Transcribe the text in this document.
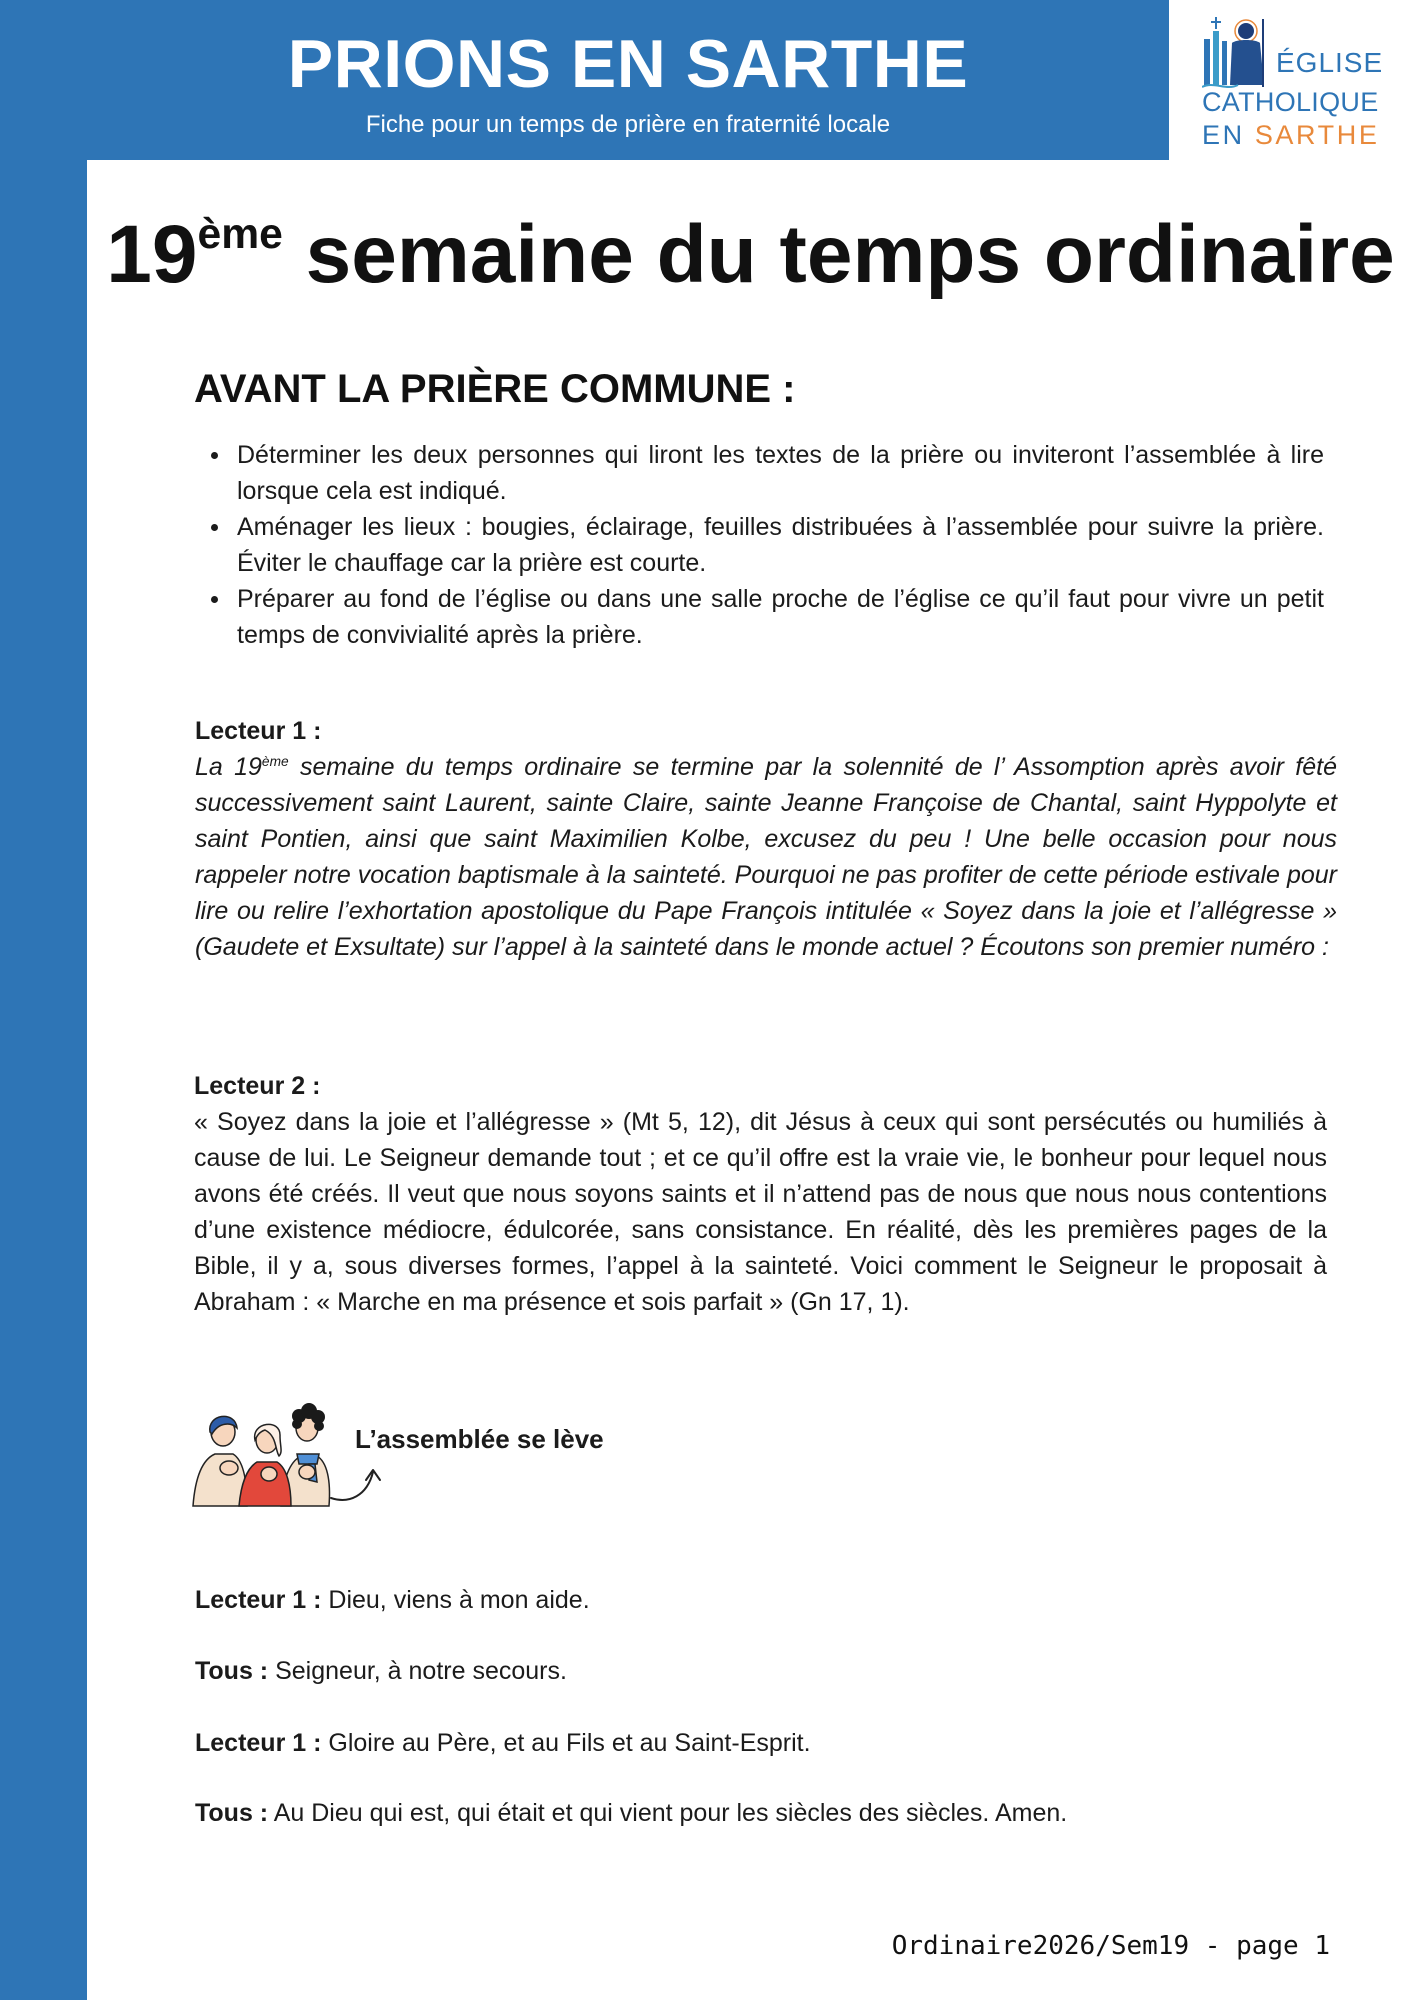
PRIONS EN SARTHE
Fiche pour un temps de prière en fraternité locale
ÉGLISE
CATHOLIQUE
EN SARTHE
19ème semaine du temps ordinaire
AVANT LA PRIÈRE COMMUNE :
Déterminer les deux personnes qui liront les textes de la prière ou inviteront l’assemblée à lire lorsque cela est indiqué.
Aménager les lieux : bougies, éclairage, feuilles distribuées à l’assemblée pour suivre la prière. Éviter le chauffage car la prière est courte.
Préparer au fond de l’église ou dans une salle proche de l’église ce qu’il faut pour vivre un petit temps de convivialité après la prière.
Lecteur 1 :

La 19ème semaine du temps ordinaire se termine par la solennité de l’ Assomption après avoir fêté successivement saint Laurent, sainte Claire, sainte Jeanne Françoise de Chantal, saint Hyppolyte et saint Pontien, ainsi que saint Maximilien Kolbe, excusez du peu ! Une belle occasion pour nous rappeler notre vocation baptismale à la sainteté. Pourquoi ne pas profiter de cette période estivale pour lire ou relire l’exhortation apostolique du Pape François intitulée « Soyez dans la joie et l’allégresse » (Gaudete et Exsultate) sur l’appel à la sainteté dans le monde actuel ? Écoutons son premier numéro :

Lecteur 2 :

« Soyez dans la joie et l’allégresse » (Mt 5, 12), dit Jésus à ceux qui sont persécutés ou humiliés à cause de lui. Le Seigneur demande tout ; et ce qu’il offre est la vraie vie, le bonheur pour lequel nous avons été créés. Il veut que nous soyons saints et il n’attend pas de nous que nous nous contentions d’une existence médiocre, édulcorée, sans consistance. En réalité, dès les premières pages de la Bible, il y a, sous diverses formes, l’appel à la sainteté. Voici comment le Seigneur le proposait à Abraham : « Marche en ma présence et sois parfait » (Gn 17, 1).

L’assemblée se lève
Lecteur 1 : Dieu, viens à mon aide.
Tous : Seigneur, à notre secours.
Lecteur 1 : Gloire au Père, et au Fils et au Saint-Esprit.
Tous : Au Dieu qui est, qui était et qui vient pour les siècles des siècles. Amen.
Ordinaire2026/Sem19 - page 1
